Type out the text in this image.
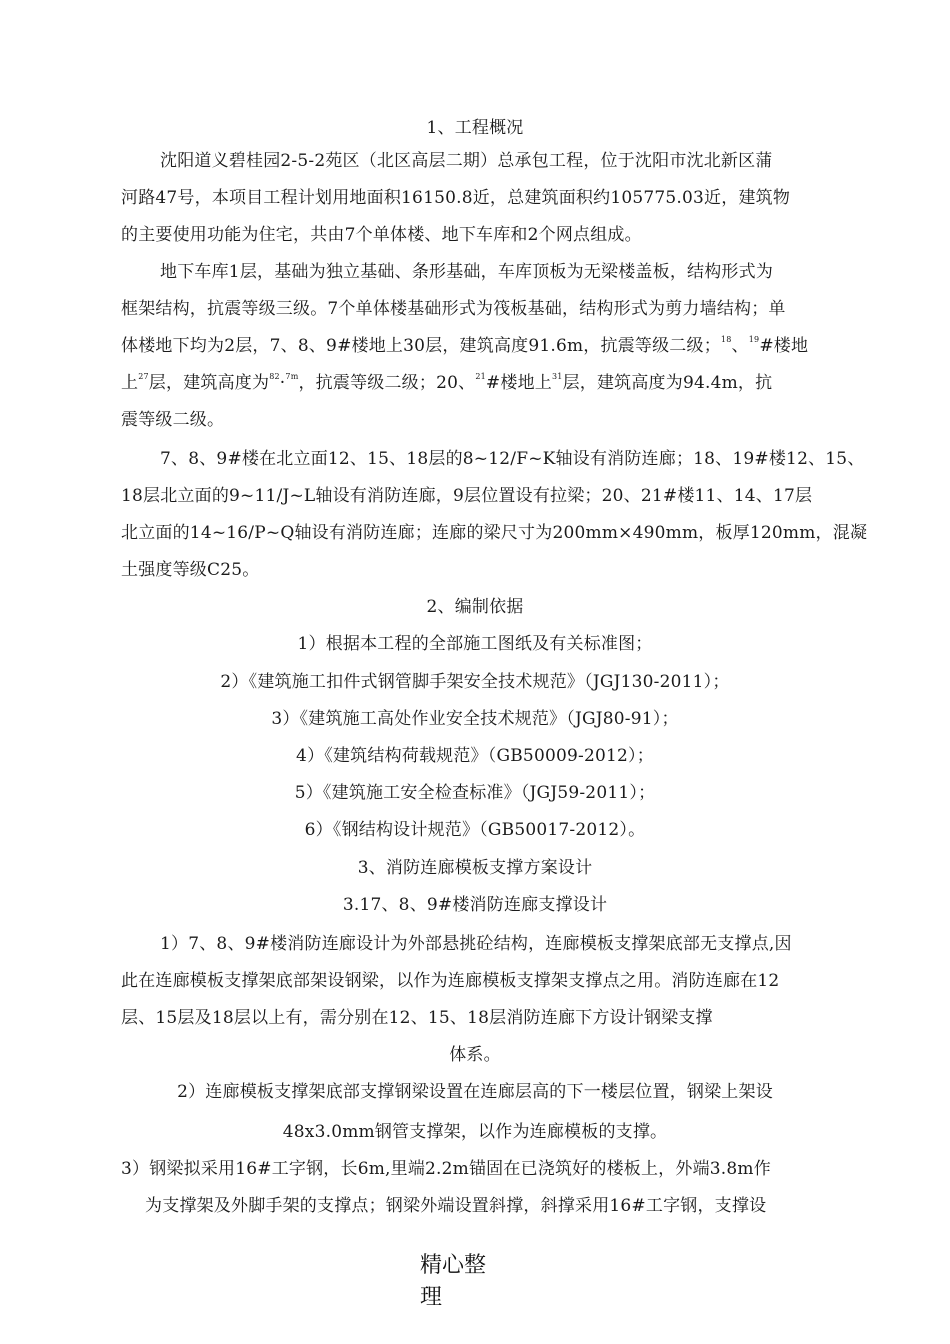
1、工程概况
沈阳道义碧桂园2-5-2苑区（北区高层二期）总承包工程，位于沈阳市沈北新区蒲
河路47号，本项目工程计划用地面积16150.8近，总建筑面积约105775.03近，建筑物
的主要使用功能为住宅，共由7个单体楼、地下车库和2个网点组成。
地下车库1层，基础为独立基础、条形基础，车库顶板为无梁楼盖板，结构形式为
框架结构，抗震等级三级。7个单体楼基础形式为筏板基础，结构形式为剪力墙结构；单
体楼地下均为2层，7、8、9#楼地上30层，建筑高度91.6m，抗震等级二级；$^{18}$、$^{19}$#楼地
上$^{27}$层，建筑高度为$^{82}$·$^{7m}$，抗震等级二级；20、$^{21}$#楼地上$^{31}$层，建筑高度为94.4m，抗
震等级二级。
7、8、9#楼在北立面12、15、18层的8~12/F~K轴设有消防连廊；18、19#楼12、15、
18层北立面的9~11/J~L轴设有消防连廊，9层位置设有拉梁；20、21#楼11、14、17层
北立面的14~16/P~Q轴设有消防连廊；连廊的梁尺寸为200mm×490mm，板厚120mm，混凝
土强度等级C25。
2、编制依据
1）根据本工程的全部施工图纸及有关标准图；
2）《建筑施工扣件式钢管脚手架安全技术规范》（JGJ130-2011）；
3）《建筑施工高处作业安全技术规范》（JGJ80-91）；
4）《建筑结构荷载规范》（GB50009-2012）；
5）《建筑施工安全检查标准》（JGJ59-2011）；
6）《钢结构设计规范》（GB50017-2012）。
3、消防连廊模板支撑方案设计
3.17、8、9#楼消防连廊支撑设计
1）7、8、9#楼消防连廊设计为外部悬挑砼结构，连廊模板支撑架底部无支撑点,因
此在连廊模板支撑架底部架设钢梁，以作为连廊模板支撑架支撑点之用。消防连廊在12
层、15层及18层以上有，需分别在12、15、18层消防连廊下方设计钢梁支撑
体系。
2）连廊模板支撑架底部支撑钢梁设置在连廊层高的下一楼层位置，钢梁上架设
48x3.0mm钢管支撑架，以作为连廊模板的支撑。
3）钢梁拟采用16#工字钢，长6m,里端2.2m锚固在已浇筑好的楼板上，外端3.8m作
为支撑架及外脚手架的支撑点；钢梁外端设置斜撑，斜撑采用16#工字钢，支撑设
精心整
理
